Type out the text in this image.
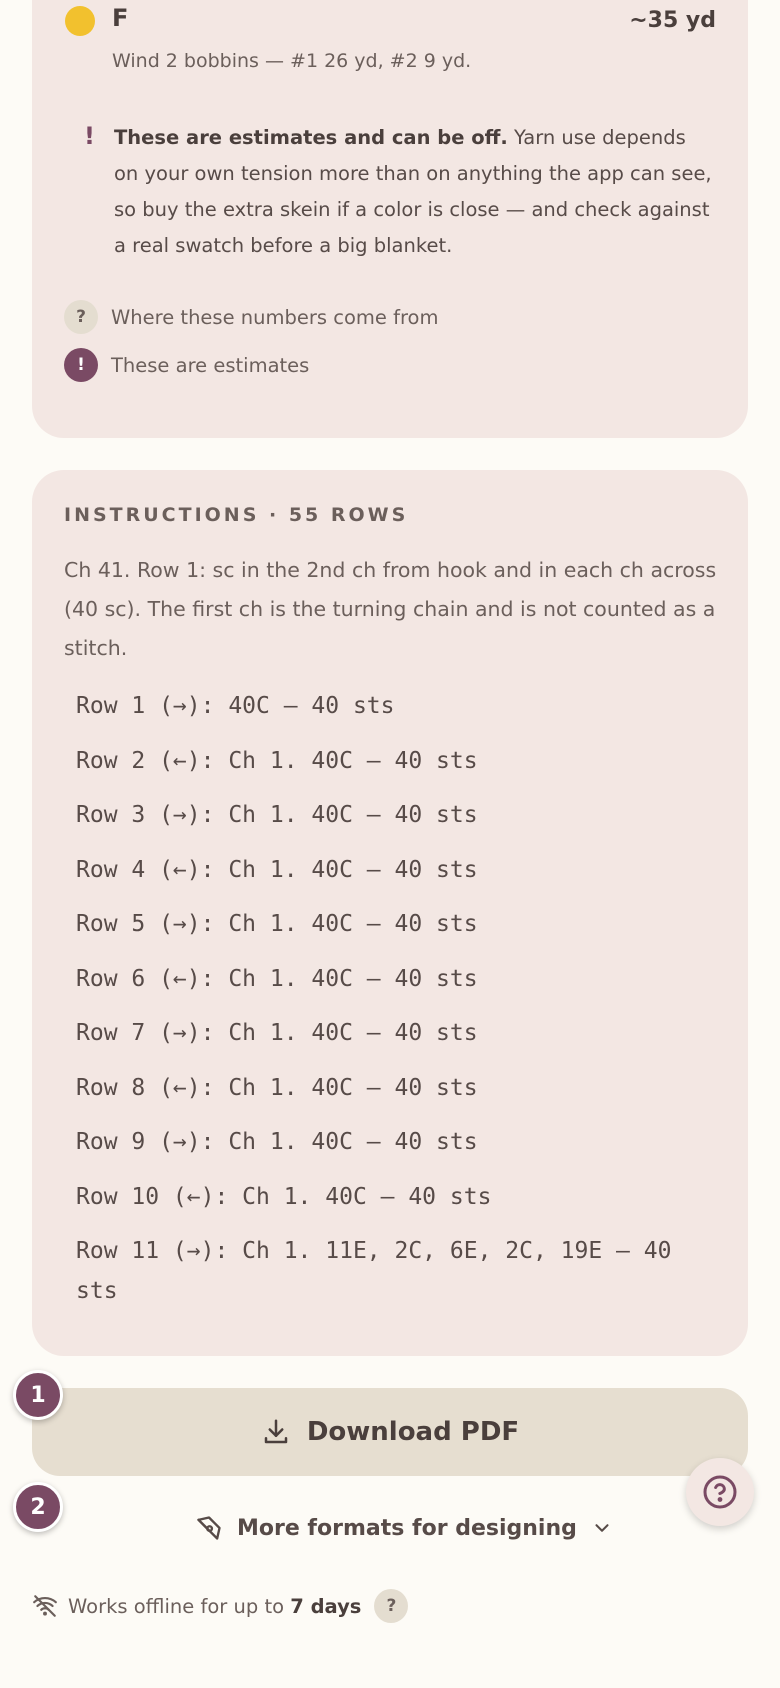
F	~35 yd
Wind 2 bobbins — #1 26 yd, #2 9 yd.
! These are estimates and can be off. Yarn use depends on your own tension more than on anything the app can see, so buy the extra skein if a color is close — and check against a real swatch before a big blanket.
?	Where these numbers come from
!	These are estimates
INSTRUCTIONS · 55 ROWS
Ch 41. Row 1: sc in the 2nd ch from hook and in each ch across (40 sc). The first ch is the turning chain and is not counted as a stitch.
Row 1 (→): 40C — 40 sts
Row 2 (←): Ch 1. 40C — 40 sts
Row 3 (→): Ch 1. 40C — 40 sts
Row 4 (←): Ch 1. 40C — 40 sts
Row 5 (→): Ch 1. 40C — 40 sts
Row 6 (←): Ch 1. 40C — 40 sts
Row 7 (→): Ch 1. 40C — 40 sts
Row 8 (←): Ch 1. 40C — 40 sts
Row 9 (→): Ch 1. 40C — 40 sts
Row 10 (←): Ch 1. 40C — 40 sts
Row 11 (→): Ch 1. 11E, 2C, 6E, 2C, 19E — 40 sts
1
2
Download PDF
More formats for designing
Works offline for up to 7 days	?
